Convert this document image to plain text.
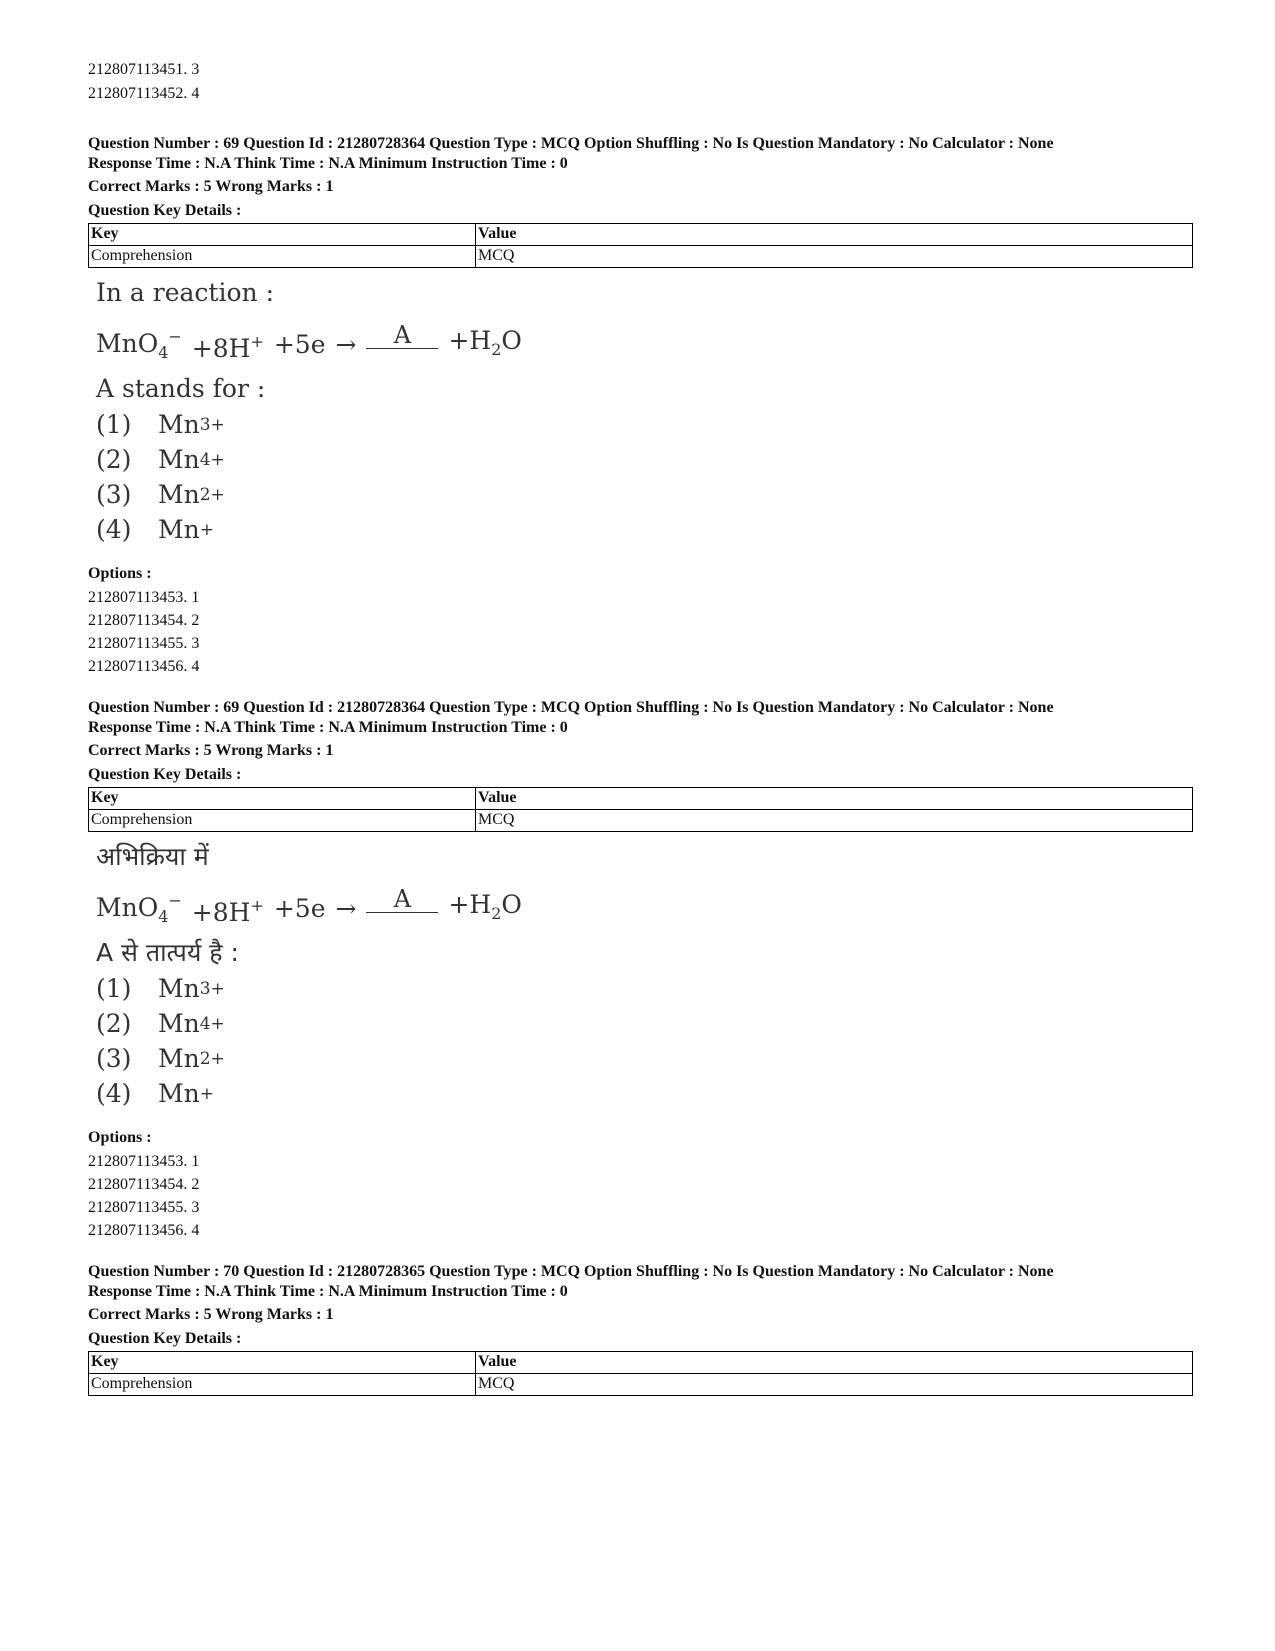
212807113451. 3
212807113452. 4
Question Number : 69 Question Id : 21280728364 Question Type : MCQ Option Shuffling : No Is Question Mandatory : No Calculator : None
Response Time : N.A Think Time : N.A Minimum Instruction Time : 0
Correct Marks : 5 Wrong Marks : 1
Question Key Details :
Key	Value
Comprehension	MCQ
In a reaction :
MnO$_4$− +8H+ +5e →	A	$+H_2O$
A stands for :
(1)	Mn 3+
(2)	Mn 4+
(3)	Mn 2+
(4)	Mn +
Options :
212807113453. 1
212807113454. 2
212807113455. 3
212807113456. 4
Question Number : 69 Question Id : 21280728364 Question Type : MCQ Option Shuffling : No Is Question Mandatory : No Calculator : None
Response Time : N.A Think Time : N.A Minimum Instruction Time : 0
Correct Marks : 5 Wrong Marks : 1
Question Key Details :
Key	Value
Comprehension	MCQ
अभिक्रिया में
MnO$_4$− +8H+ +5e →	A	$+H_2O$
A से तात्पर्य है :
(1)	Mn 3+
(2)	Mn 4+
(3)	Mn 2+
(4)	Mn +
Options :
212807113453. 1
212807113454. 2
212807113455. 3
212807113456. 4
Question Number : 70 Question Id : 21280728365 Question Type : MCQ Option Shuffling : No Is Question Mandatory : No Calculator : None
Response Time : N.A Think Time : N.A Minimum Instruction Time : 0
Correct Marks : 5 Wrong Marks : 1
Question Key Details :
Key	Value
Comprehension	MCQ
